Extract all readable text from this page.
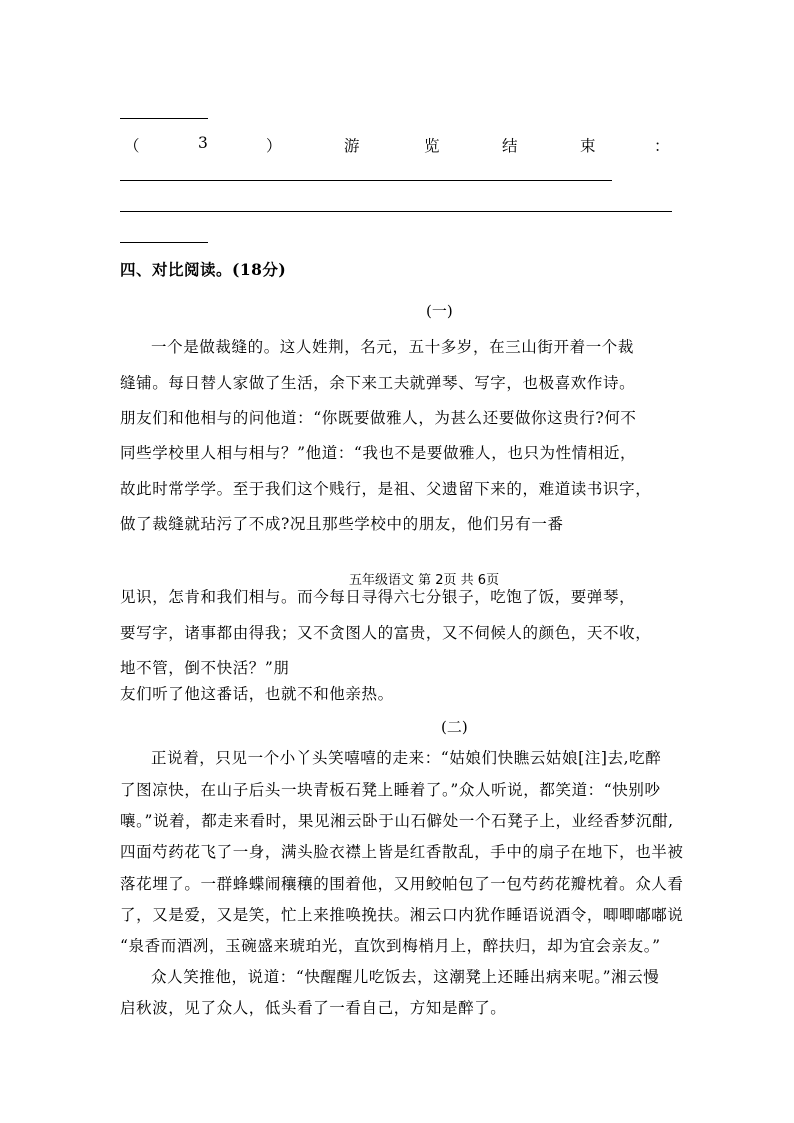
（	3	）	游	览	结	束	：
四、对比阅读。(18分)
(一)
一个是做裁缝的。这人姓荆，名元，五十多岁，在三山街开着一个裁
缝铺。每日替人家做了生活，余下来工夫就弹琴、写字，也极喜欢作诗。
朋友们和他相与的问他道：“你既要做雅人，为甚么还要做你这贵行?何不
同些学校里人相与相与？”他道：“我也不是要做雅人，也只为性情相近，
故此时常学学。至于我们这个贱行，是祖、父遗留下来的，难道读书识字，
做了裁缝就玷污了不成?况且那些学校中的朋友，他们另有一番
见识，怎肯和我们相与。而今每日寻得六七分银子，吃饱了饭，要弹琴，
五年级语文 第 2页 共 6页
要写字，诸事都由得我；又不贪图人的富贵，又不伺候人的颜色，天不收，
地不管，倒不快活？”朋
友们听了他这番话，也就不和他亲热。
(二)
正说着，只见一个小丫头笑嘻嘻的走来：“姑娘们快瞧云姑娘[注]去,吃醉
了图凉快，在山子后头一块青板石凳上睡着了。”众人听说，都笑道：“快别吵
嚷。”说着，都走来看时，果见湘云卧于山石僻处一个石凳子上，业经香梦沉酣,
四面芍药花飞了一身，满头脸衣襟上皆是红香散乱，手中的扇子在地下，也半被
落花埋了。一群蜂蝶闹穰穰的围着他，又用鲛帕包了一包芍药花瓣枕着。众人看
了，又是爱，又是笑，忙上来推唤挽扶。湘云口内犹作睡语说酒令，唧唧嘟嘟说
“泉香而酒冽，玉碗盛来琥珀光，直饮到梅梢月上，醉扶归，却为宜会亲友。”
众人笑推他，说道：“快醒醒儿吃饭去，这潮凳上还睡出病来呢。”湘云慢
启秋波，见了众人，低头看了一看自己，方知是醉了。
